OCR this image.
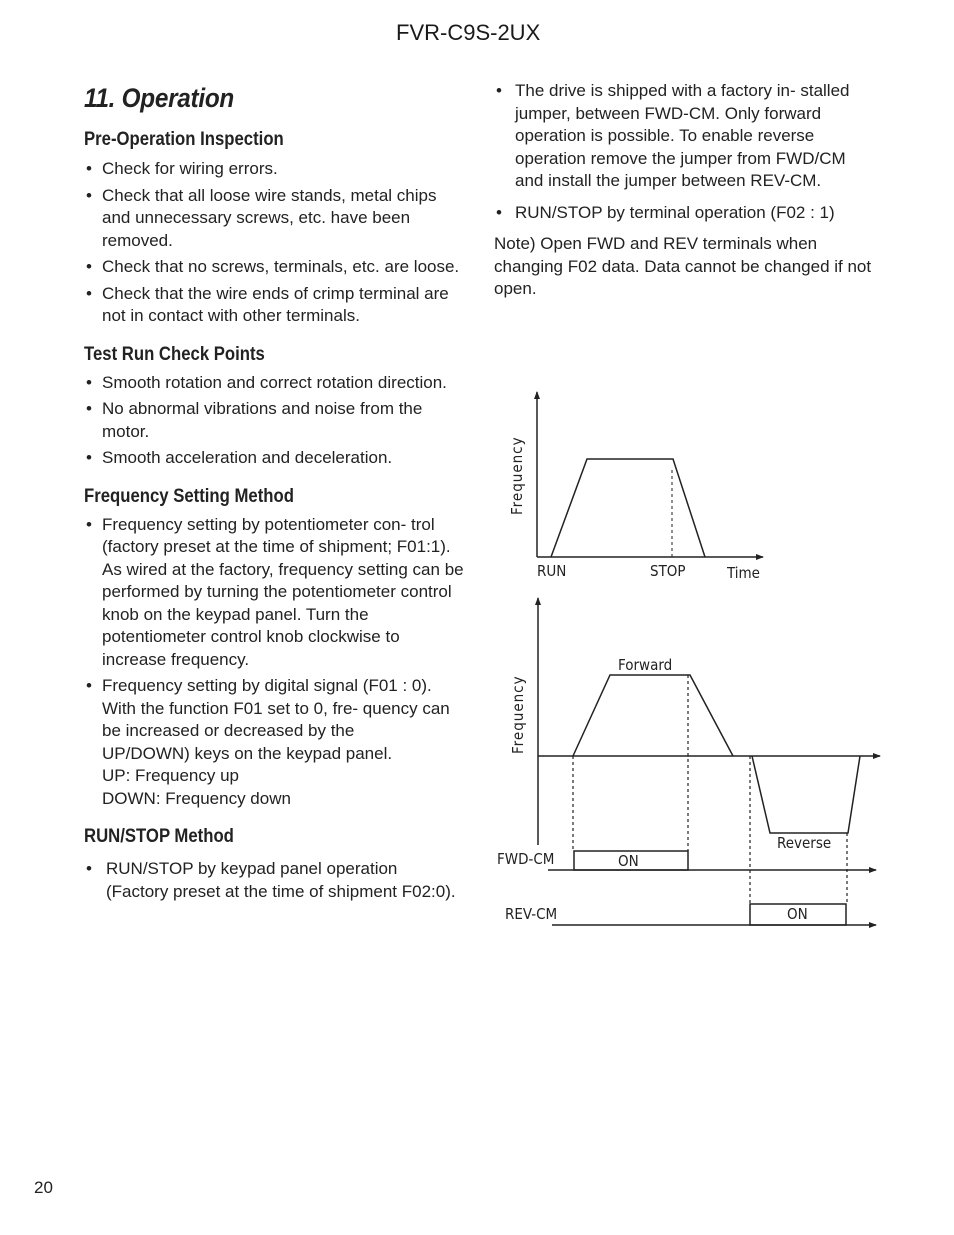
FVR-C9S-2UX
11. Operation
Pre-Operation Inspection
• Check for wiring errors.
• Check that all loose wire stands, metal chips and unnecessary screws, etc. have been removed.
• Check that no screws, terminals, etc. are loose.
• Check that the wire ends of crimp terminal are not in contact with other terminals.
Test Run Check Points
• Smooth rotation and correct rotation direction.
• No abnormal vibrations and noise from the motor.
• Smooth acceleration and deceleration.
Frequency Setting Method
• Frequency setting by potentiometer con- trol (factory preset at the time of shipment; F01:1). As wired at the factory, frequency setting can be performed by turning the potentiometer control knob on the keypad panel. Turn the potentiometer control knob clockwise to increase frequency.
• Frequency setting by digital signal (F01 : 0). With the function F01 set to 0, fre- quency can be increased or decreased by the
UP/DOWN) keys on the keypad panel.
UP: Frequency up
DOWN: Frequency down
RUN/STOP Method
• RUN/STOP by keypad panel operation (Factory preset at the time of shipment F02:0).
• The drive is shipped with a factory in- stalled jumper, between FWD-CM. Only forward operation is possible. To enable reverse operation remove the jumper from FWD/CM and install the jumper between REV-CM.
• RUN/STOP by terminal operation (F02 : 1)
Note) Open FWD and REV terminals when changing F02 data. Data cannot be changed if not open.
Frequency
RUN	STOP	Time
Frequency
Forward
Reverse
FWD-CM	ON
REV-CM	ON
20
